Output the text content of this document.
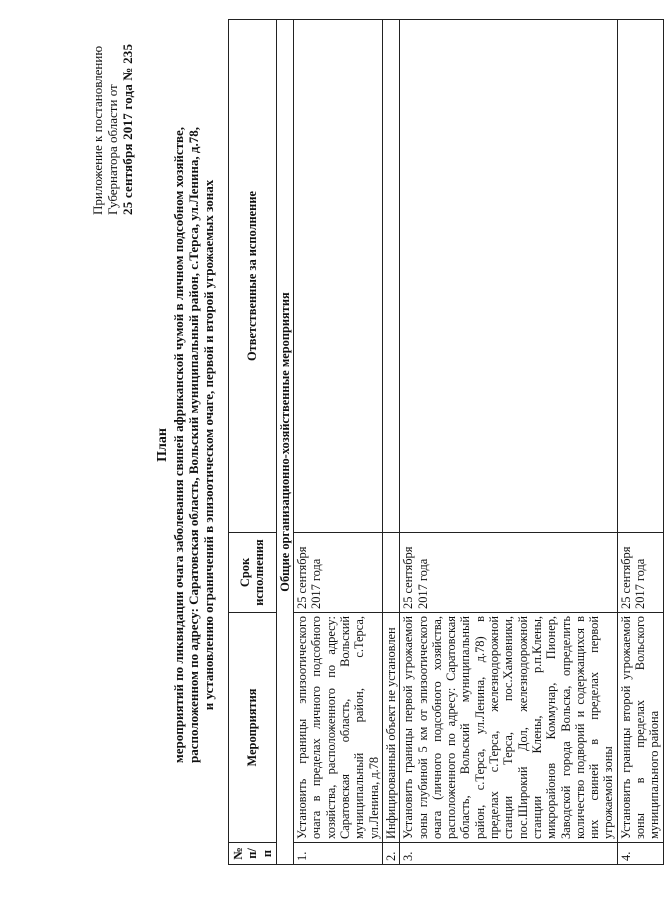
Приложение к постановлению Губернатора области от 25 сентября 2017 года № 235
План мероприятий по ликвидации очага заболевания свиней африканской чумой в личном подсобном хозяйстве, расположенном по адресу: Саратовская область, Вольский муниципальный район, с.Терса, ул.Ленина, д.78, и установлению ограничений в эпизоотическом очаге, первой и второй угрожаемых зонах
№ п/п	Мероприятия	Срок исполнения	Ответственные за исполнение
Общие организационно-хозяйственные мероприятия			
1.	Установить границы эпизоотического очага в пределах личного подсобного хозяйства, расположенного по адресу: Саратовская область, Вольский муниципальный район, с.Терса, ул.Ленина, д.78	25 сентября 2017 года	
2.	Инфицированный объект не установлен		
3.	Установить границы первой угрожаемой зоны глубиной 5 км от эпизоотического очага (личного подсобного хозяйства, расположенного по адресу: Саратовская область, Вольский муниципальный район, с.Терса, ул.Ленина, д.78) в пределах с.Терса, железнодорожной станции Терса, пос.Хамовники, пос.Широкий Дол, железнодорожной станции Клены, р.п.Клены, микрорайонов Коммунар, Пионер, Заводской города Вольска, определить количество подворий и содержащихся в них свиней в пределах первой угрожаемой зоны	25 сентября 2017 года	
4.	Установить границы второй угрожаемой зоны в пределах Вольского муниципального района	25 сентября 2017 года	
